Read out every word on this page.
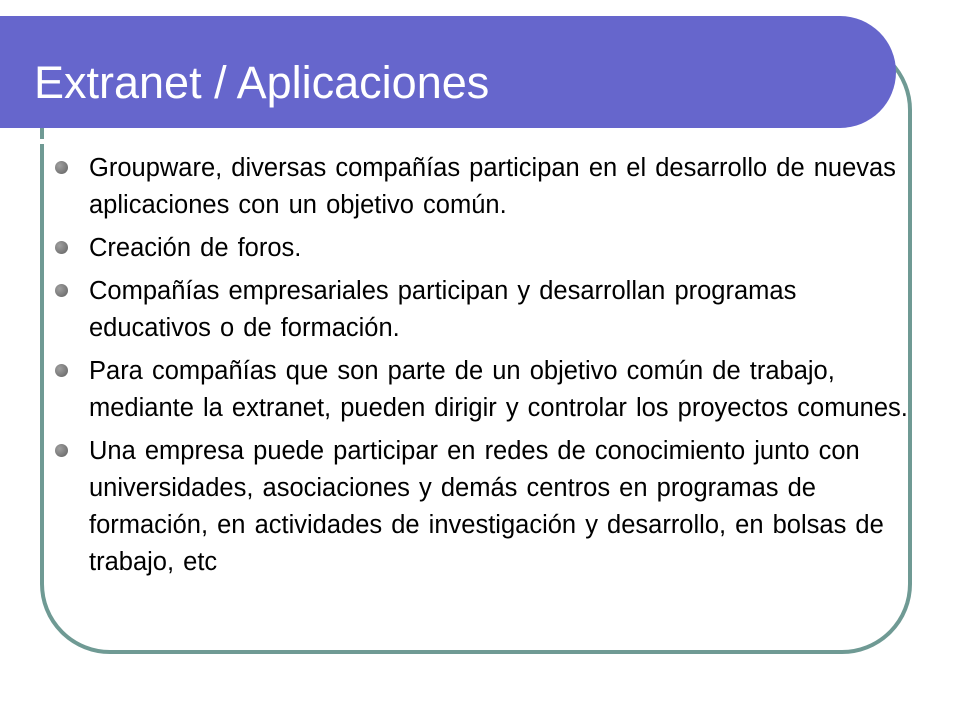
Extranet / Aplicaciones
Groupware, diversas compañías participan en el desarrollo de nuevas aplicaciones con un objetivo común.
Creación de foros.
Compañías empresariales participan y desarrollan programas educativos o de formación.
Para compañías que son parte de un objetivo común de trabajo, mediante la extranet, pueden dirigir y controlar los proyectos comunes.
Una empresa puede participar en redes de conocimiento junto con universidades, asociaciones y demás centros en programas de formación, en actividades de investigación y desarrollo, en bolsas de trabajo, etc
